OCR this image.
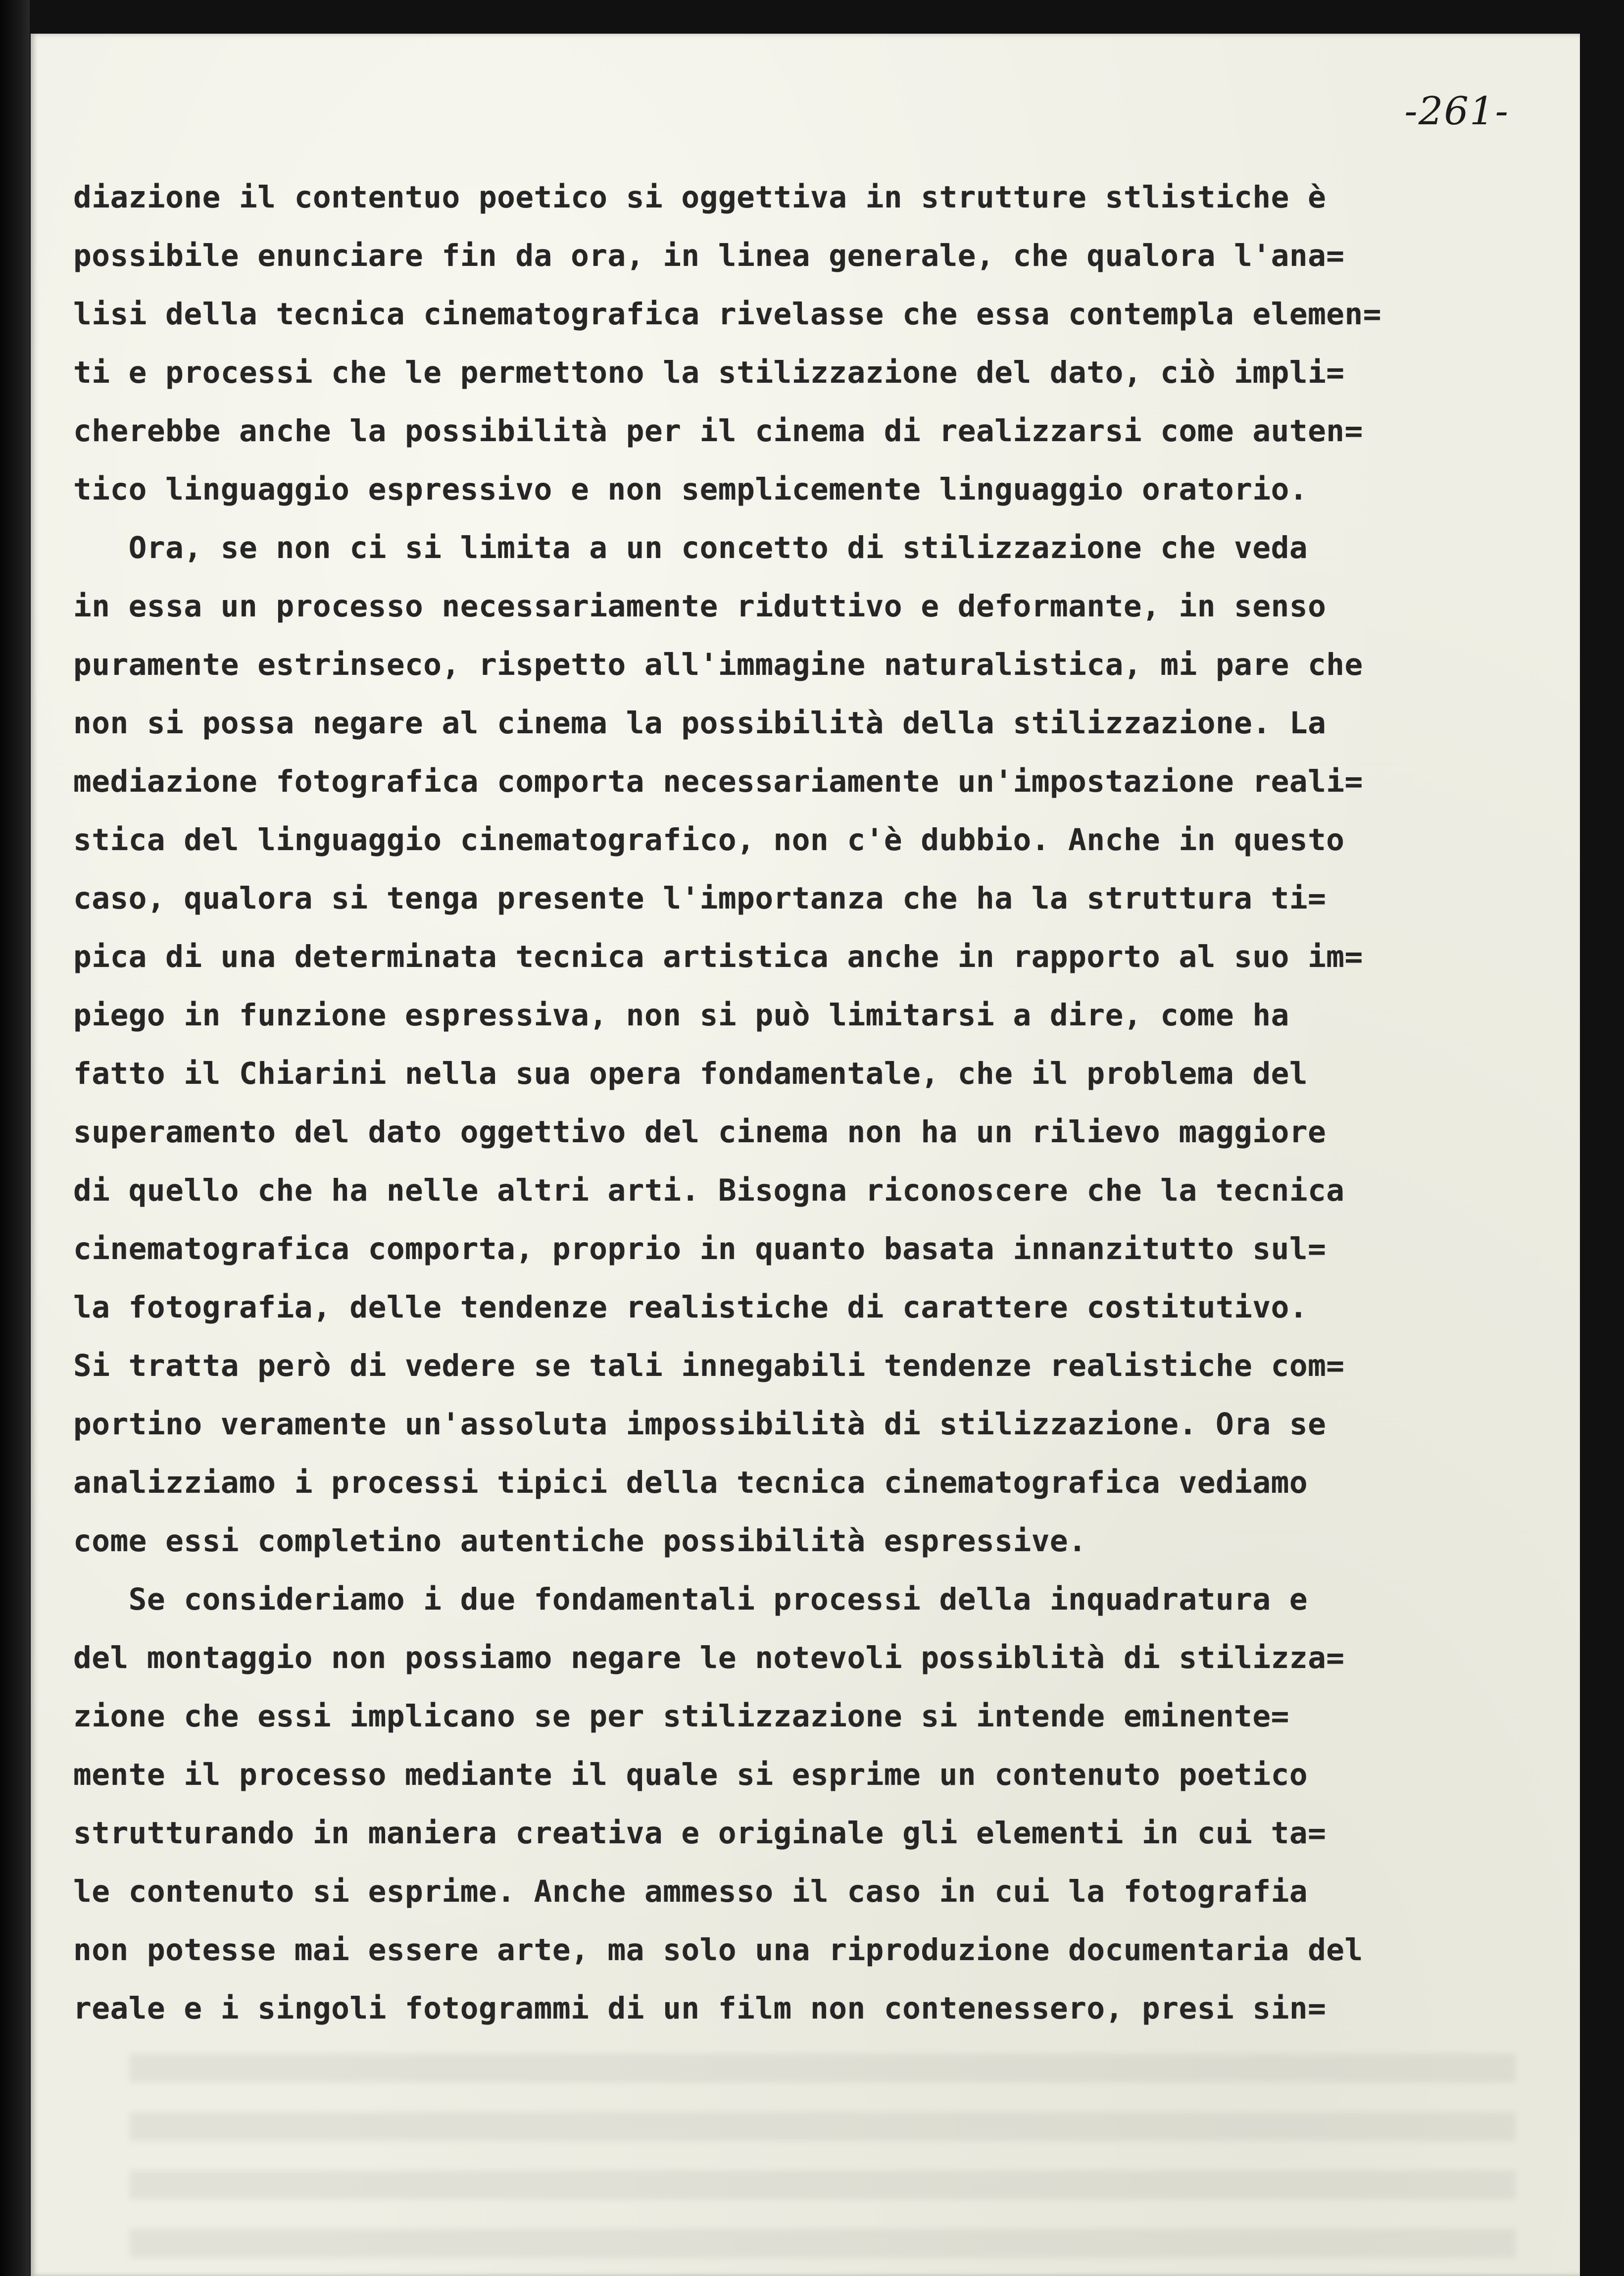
-261-
diazione il contentuo poetico si oggettiva in strutture stlistiche è
possibile enunciare fin da ora, in linea generale, che qualora l'ana=
lisi della tecnica cinematografica rivelasse che essa contempla elemen=
ti e processi che le permettono la stilizzazione del dato, ciò impli=
cherebbe anche la possibilità per il cinema di realizzarsi come auten=
tico linguaggio espressivo e non semplicemente linguaggio oratorio.
Ora, se non ci si limita a un concetto di stilizzazione che veda
in essa un processo necessariamente riduttivo e deformante, in senso
puramente estrinseco, rispetto all'immagine naturalistica, mi pare che
non si possa negare al cinema la possibilità della stilizzazione. La
mediazione fotografica comporta necessariamente un'impostazione reali=
stica del linguaggio cinematografico, non c'è dubbio. Anche in questo
caso, qualora si tenga presente l'importanza che ha la struttura ti=
pica di una determinata tecnica artistica anche in rapporto al suo im=
piego in funzione espressiva, non si può limitarsi a dire, come ha
fatto il Chiarini nella sua opera fondamentale, che il problema del
superamento del dato oggettivo del cinema non ha un rilievo maggiore
di quello che ha nelle altri arti. Bisogna riconoscere che la tecnica
cinematografica comporta, proprio in quanto basata innanzitutto sul=
la fotografia, delle tendenze realistiche di carattere costitutivo.
Si tratta però di vedere se tali innegabili tendenze realistiche com=
portino veramente un'assoluta impossibilità di stilizzazione. Ora se
analizziamo i processi tipici della tecnica cinematografica vediamo
come essi completino autentiche possibilità espressive.
Se consideriamo i due fondamentali processi della inquadratura e
del montaggio non possiamo negare le notevoli possiblità di stilizza=
zione che essi implicano se per stilizzazione si intende eminente=
mente il processo mediante il quale si esprime un contenuto poetico
strutturando in maniera creativa e originale gli elementi in cui ta=
le contenuto si esprime. Anche ammesso il caso in cui la fotografia
non potesse mai essere arte, ma solo una riproduzione documentaria del
reale e i singoli fotogrammi di un film non contenessero, presi sin=
